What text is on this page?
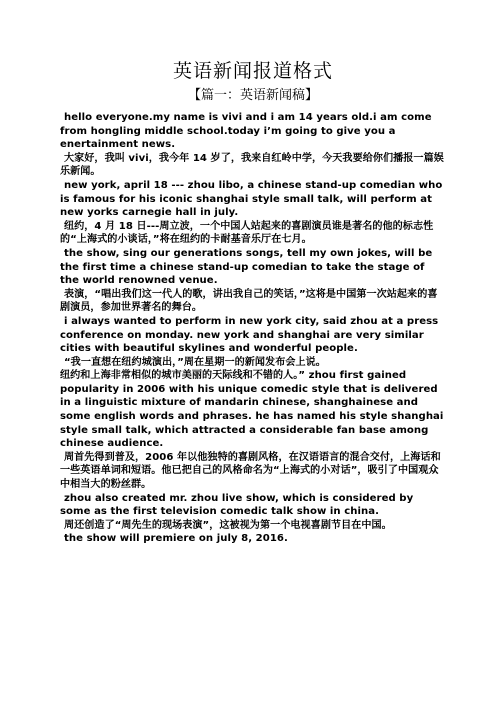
英语新闻报道格式
【篇一：英语新闻稿】

hello everyone.my name is vivi and i am 14 years old.i am come from hongling middle school.today i’m going to give you a enertainment news.

大家好，我叫 vivi，我今年 14 岁了，我来自红岭中学，今天我要给你们播报一篇娱乐新闻。

new york, april 18 --- zhou libo, a chinese stand-up comedian who is famous for his iconic shanghai style small talk, will perform at new yorks carnegie hall in july.

纽约，4 月 18 日---周立波，一个中国人站起来的喜剧演员谁是著名的他的标志性的“上海式的小谈话，”将在纽约的卡耐基音乐厅在七月。

the show, sing our generations songs, tell my own jokes, will be the first time a chinese stand-up comedian to take the stage of the world renowned venue.

表演，“唱出我们这一代人的歌，讲出我自己的笑话，”这将是中国第一次站起来的喜剧演员，参加世界著名的舞台。

i always wanted to perform in new york city, said zhou at a press conference on monday. new york and shanghai are very similar cities with beautiful skylines and wonderful people.

“我一直想在纽约城演出，”周在星期一的新闻发布会上说。

纽约和上海非常相似的城市美丽的天际线和不错的人。” zhou first gained popularity in 2006 with his unique comedic style that is delivered in a linguistic mixture of mandarin chinese, shanghainese and some english words and phrases. he has named his style shanghai style small talk, which attracted a considerable fan base among chinese audience.

周首先得到普及，2006 年以他独特的喜剧风格，在汉语语言的混合交付，上海话和一些英语单词和短语。他已把自己的风格命名为“上海式的小对话”，吸引了中国观众中相当大的粉丝群。

zhou also created mr. zhou live show, which is considered by some as the first television comedic talk show in china.

周还创造了“周先生的现场表演”，这被视为第一个电视喜剧节目在中国。

the show will premiere on july 8, 2016.
